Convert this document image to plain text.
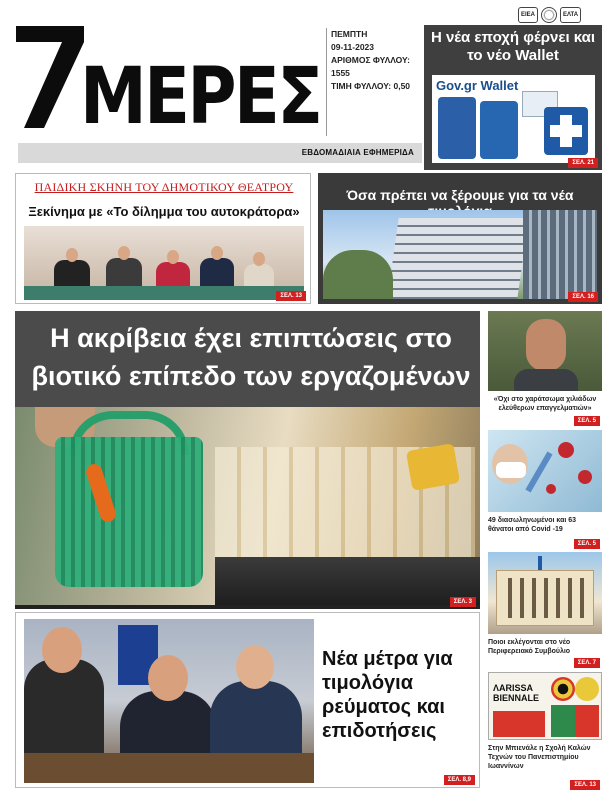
ΕΙΕΑ	ΕΛΤΑ
ΜΕΡΕΣ
ΠΕΜΠΤΗ
09-11-2023
ΑΡΙΘΜΟΣ ΦΥΛΛΟΥ:
1555
ΤΙΜΗ ΦΥΛΛΟΥ: 0,50
ΕΒΔΟΜΑΔΙΑΙΑ ΕΦΗΜΕΡΙΔΑ
Η νέα εποχή φέρνει και το νέο Wallet
Gov.gr Wallet
ΣΕΛ. 21
ΠΑΙΔΙΚΗ ΣΚΗΝΗ ΤΟΥ ΔΗΜΟΤΙΚΟΥ ΘΕΑΤΡΟΥ
Ξεκίνημα με «Το δίλημμα του αυτοκράτορα»
ΣΕΛ. 13
Όσα πρέπει να ξέρουμε για τα νέα
ΣΕΛ. 16
Η ακρίβεια έχει επιπτώσεις στο βιοτικό επίπεδο των εργαζομένων
ΣΕΛ. 3
«Όχι στο χαράτσωμα χιλιάδων ελεύθερων επαγγελματιών»
ΣΕΛ. 5
49 διασωληνωμένοι και 63 θάνατοι από Covid -19
ΣΕΛ. 5
Ποιοι εκλέγονται στο νέο Περιφερειακό Συμβούλιο
ΣΕΛ. 7
ΛARISSA BIENNALE
Στην Μπιενάλε η Σχολή Καλών Τεχνών του Πανεπιστημίου Ιωαννίνων
ΣΕΛ. 13
Νέα μέτρα για τιμολόγια ρεύματος και επιδοτήσεις
ΣΕΛ. 8,9
